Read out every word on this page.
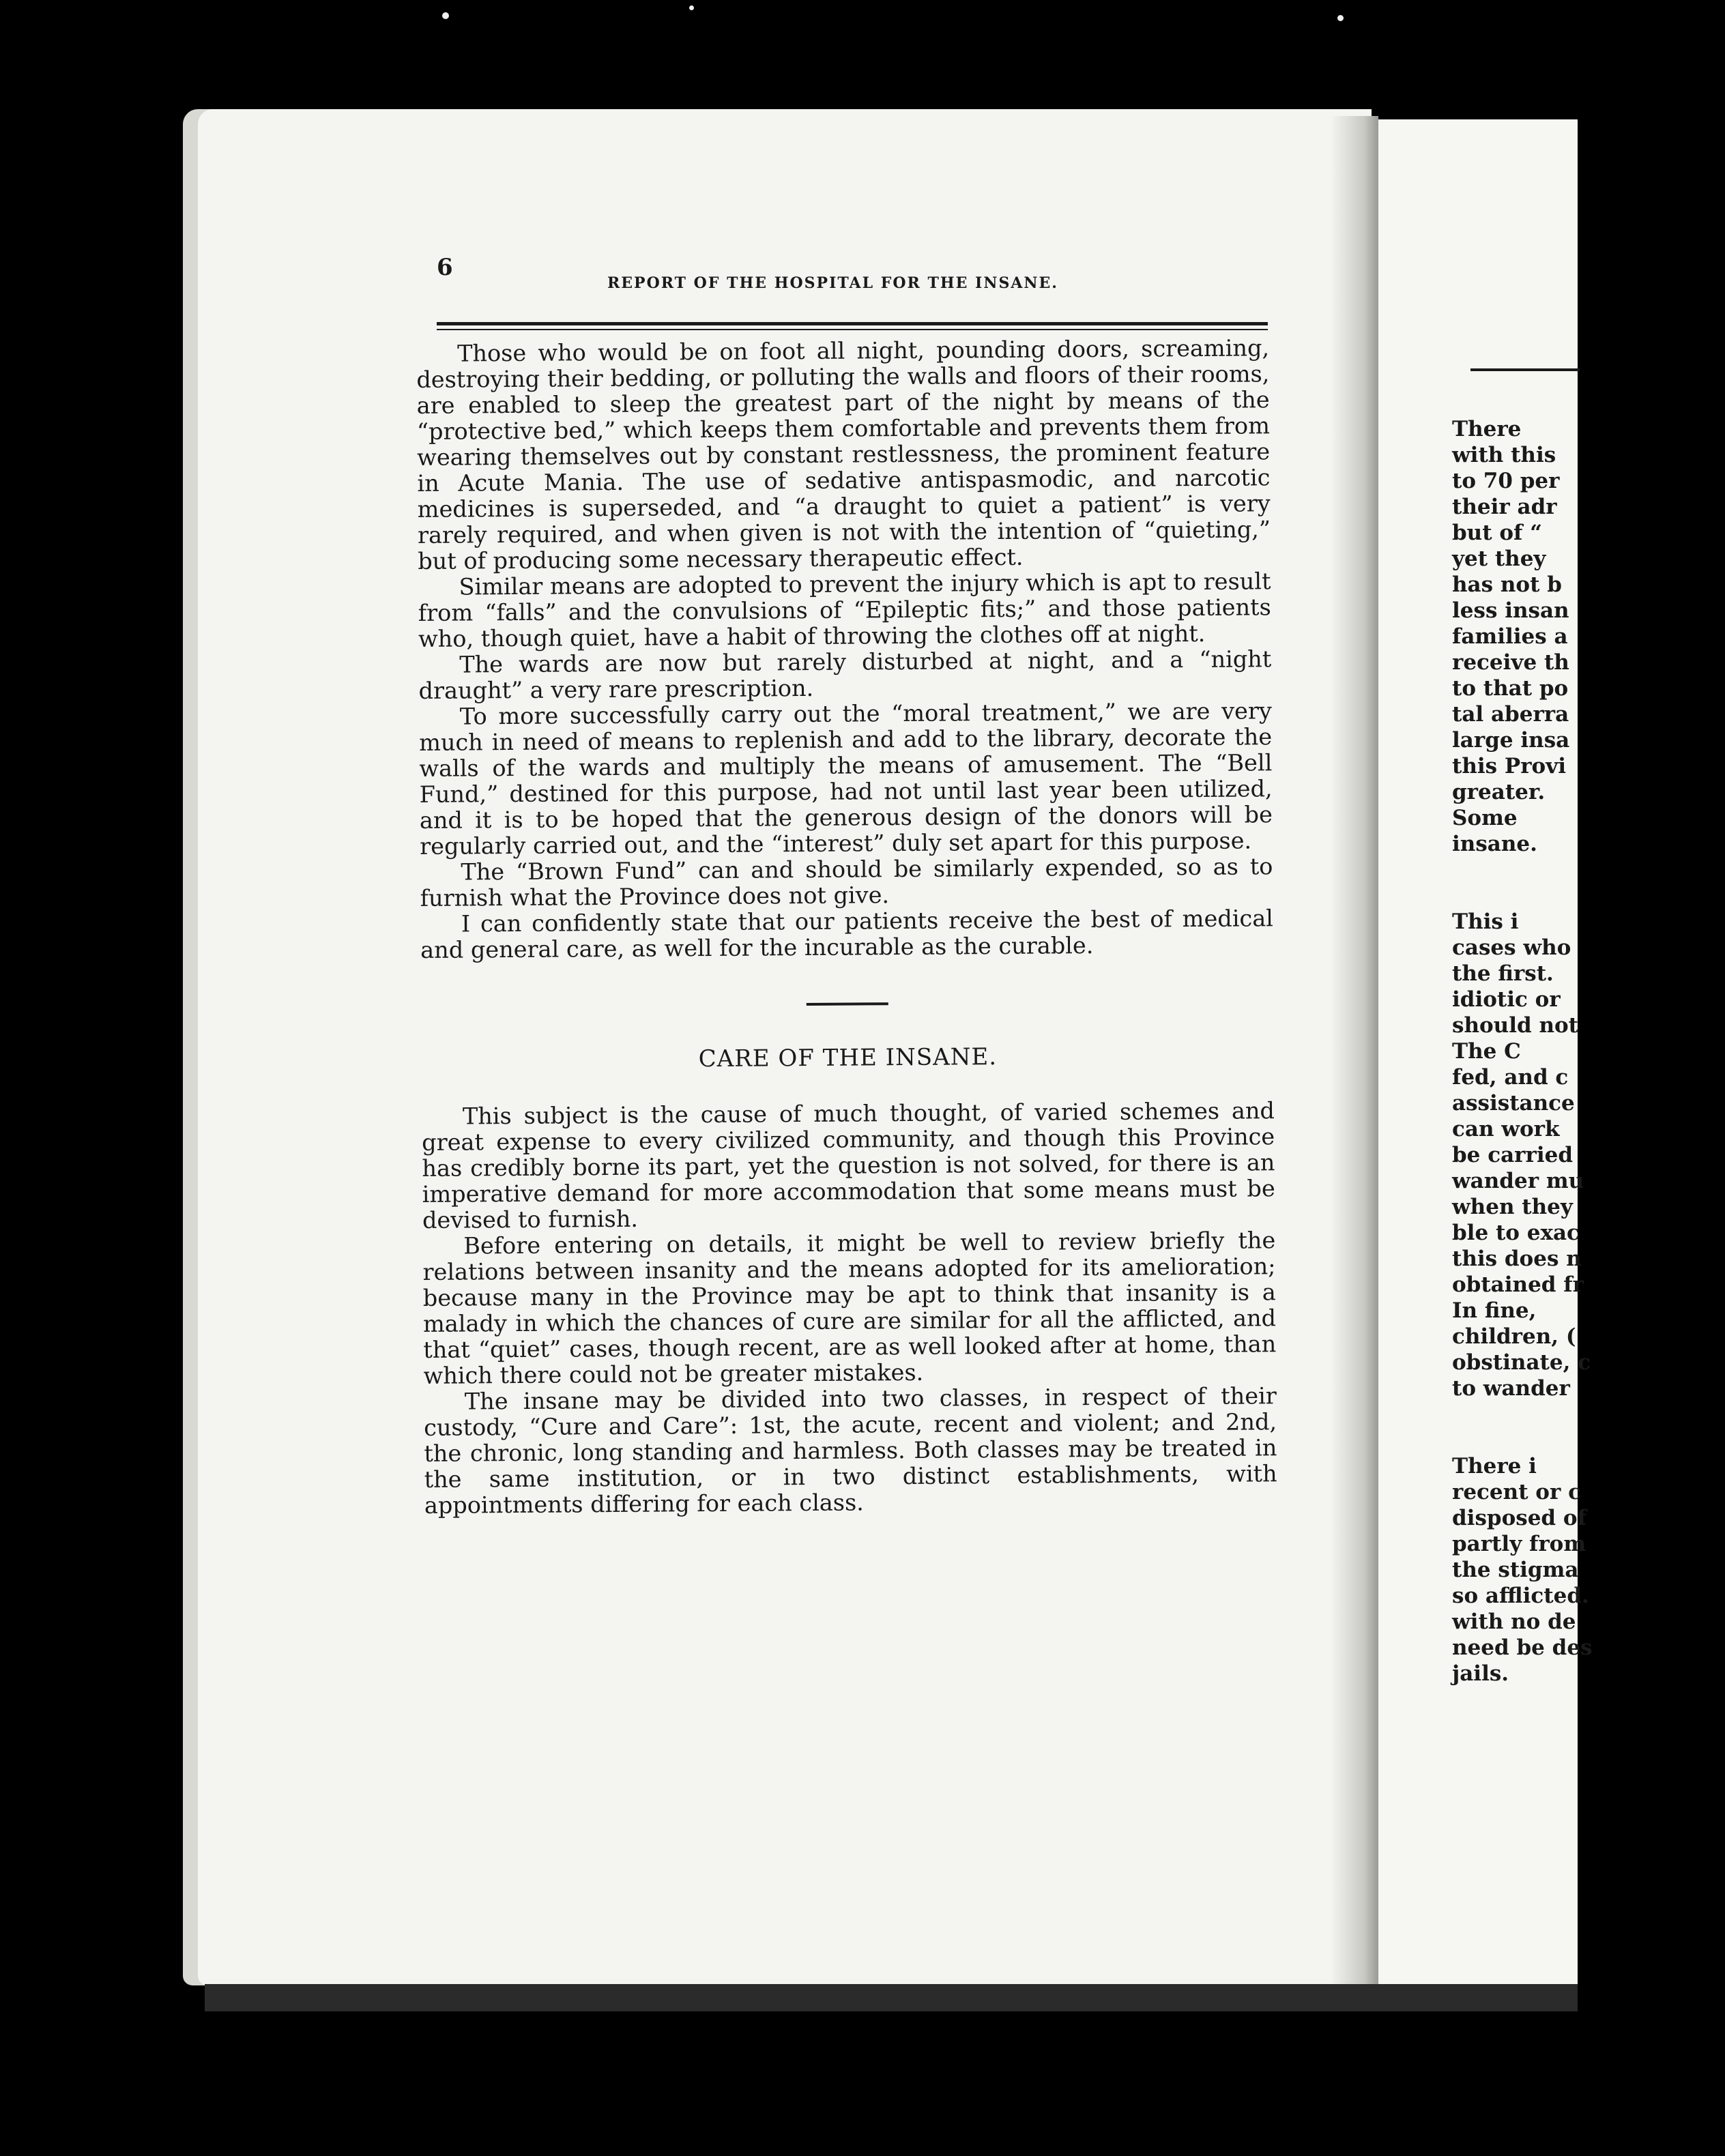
6
REPORT OF THE HOSPITAL FOR THE INSANE.

Those who would be on foot all night, pounding doors, screaming, destroying their bedding, or polluting the walls and floors of their rooms, are enabled to sleep the greatest part of the night by means of the “protective bed,” which keeps them comfortable and prevents them from wearing themselves out by constant restlessness, the prominent feature in Acute Mania. The use of sedative antispasmodic, and narcotic medicines is superseded, and “a draught to quiet a patient” is very rarely required, and when given is not with the intention of “quieting,” but of producing some necessary therapeutic effect.

Similar means are adopted to prevent the injury which is apt to result from “falls” and the convulsions of “Epileptic fits;” and those patients who, though quiet, have a habit of throwing the clothes off at night.

The wards are now but rarely disturbed at night, and a “night draught” a very rare prescription.

To more successfully carry out the “moral treatment,” we are very much in need of means to replenish and add to the library, decorate the walls of the wards and multiply the means of amusement. The “Bell Fund,” destined for this purpose, had not until last year been utilized, and it is to be hoped that the generous design of the donors will be regularly carried out, and the “interest” duly set apart for this purpose.

The “Brown Fund” can and should be similarly expended, so as to furnish what the Province does not give.

I can confidently state that our patients receive the best of medical and general care, as well for the incurable as the curable.

CARE OF THE INSANE.

This subject is the cause of much thought, of varied schemes and great expense to every civilized community, and though this Province has credibly borne its part, yet the question is not solved, for there is an imperative demand for more accommodation that some means must be devised to furnish.

Before entering on details, it might be well to review briefly the relations between insanity and the means adopted for its amelioration; because many in the Province may be apt to think that insanity is a malady in which the chances of cure are similar for all the afflicted, and that “quiet” cases, though recent, are as well looked after at home, than which there could not be greater mistakes.

The insane may be divided into two classes, in respect of their custody, “Cure and Care”: 1st, the acute, recent and violent; and 2nd, the chronic, long standing and harmless. Both classes may be treated in the same institution, or in two distinct establishments, with appointments differing for each class.

There
with this
to 70 per
their adr
but of “
yet they
has not b
less insan
families a
receive th
to that po
tal aberra
large insa
this Provi
greater.
Some
insane.
This i
cases who
the first.
idiotic or
should not
The C
fed, and c
assistance
can work
be carried
wander mu
when they
ble to exac
this does n
obtained fr
In fine,
children, (
obstinate, c
to wander
There i
recent or c
disposed of
partly from
the stigma
so afflicted.
with no de
need be des
jails.
